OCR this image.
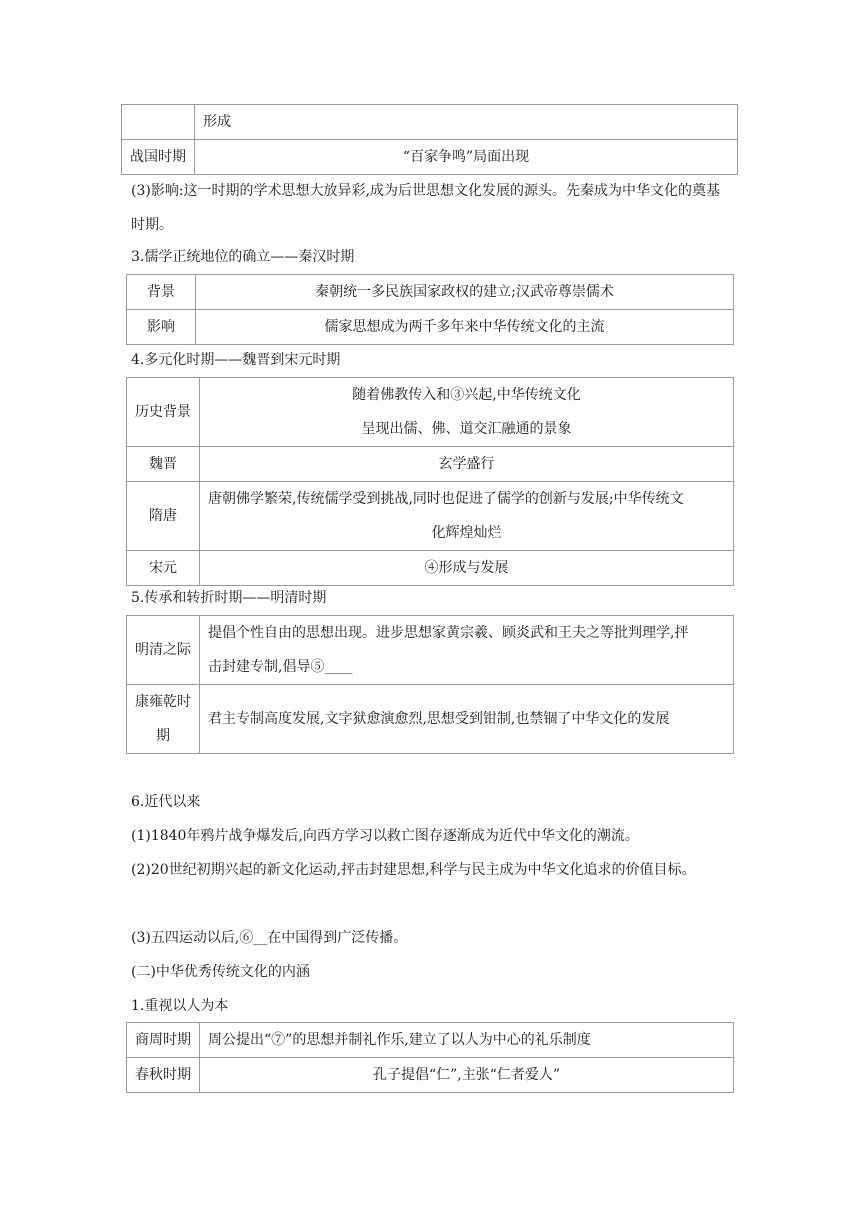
	形成
战国时期	“百家争鸣”局面出现
(3)影响:这一时期的学术思想大放异彩,成为后世思想文化发展的源头。先秦成为中华文化的奠基时期。
3.儒学正统地位的确立——秦汉时期
背景	秦朝统一多民族国家政权的建立;汉武帝尊崇儒术
影响	儒家思想成为两千多年来中华传统文化的主流
4.多元化时期——魏晋到宋元时期
历史背景	随着佛教传入和③兴起,中华传统文化
呈现出儒、佛、道交汇融通的景象

魏晋	玄学盛行
隋唐	唐朝佛学繁荣,传统儒学受到挑战,同时也促进了儒学的创新与发展;中华传统文
化辉煌灿烂

宋元	④形成与发展
5.传承和转折时期——明清时期
明清之际	提倡个性自由的思想出现。进步思想家黄宗羲、顾炎武和王夫之等批判理学,抨
击封建专制,倡导⑤____

康雍乾时
期	君主专制高度发展,文字狱愈演愈烈,思想受到钳制,也禁锢了中华文化的发展
6.近代以来
(1)1840年鸦片战争爆发后,向西方学习以救亡图存逐渐成为近代中华文化的潮流。
(2)20世纪初期兴起的新文化运动,抨击封建思想,科学与民主成为中华文化追求的价值目标。
(3)五四运动以后,⑥__在中国得到广泛传播。
(二)中华优秀传统文化的内涵
1.重视以人为本
商周时期	周公提出“⑦”的思想并制礼作乐,建立了以人为中心的礼乐制度
春秋时期	孔子提倡“仁”,主张“仁者爱人”
